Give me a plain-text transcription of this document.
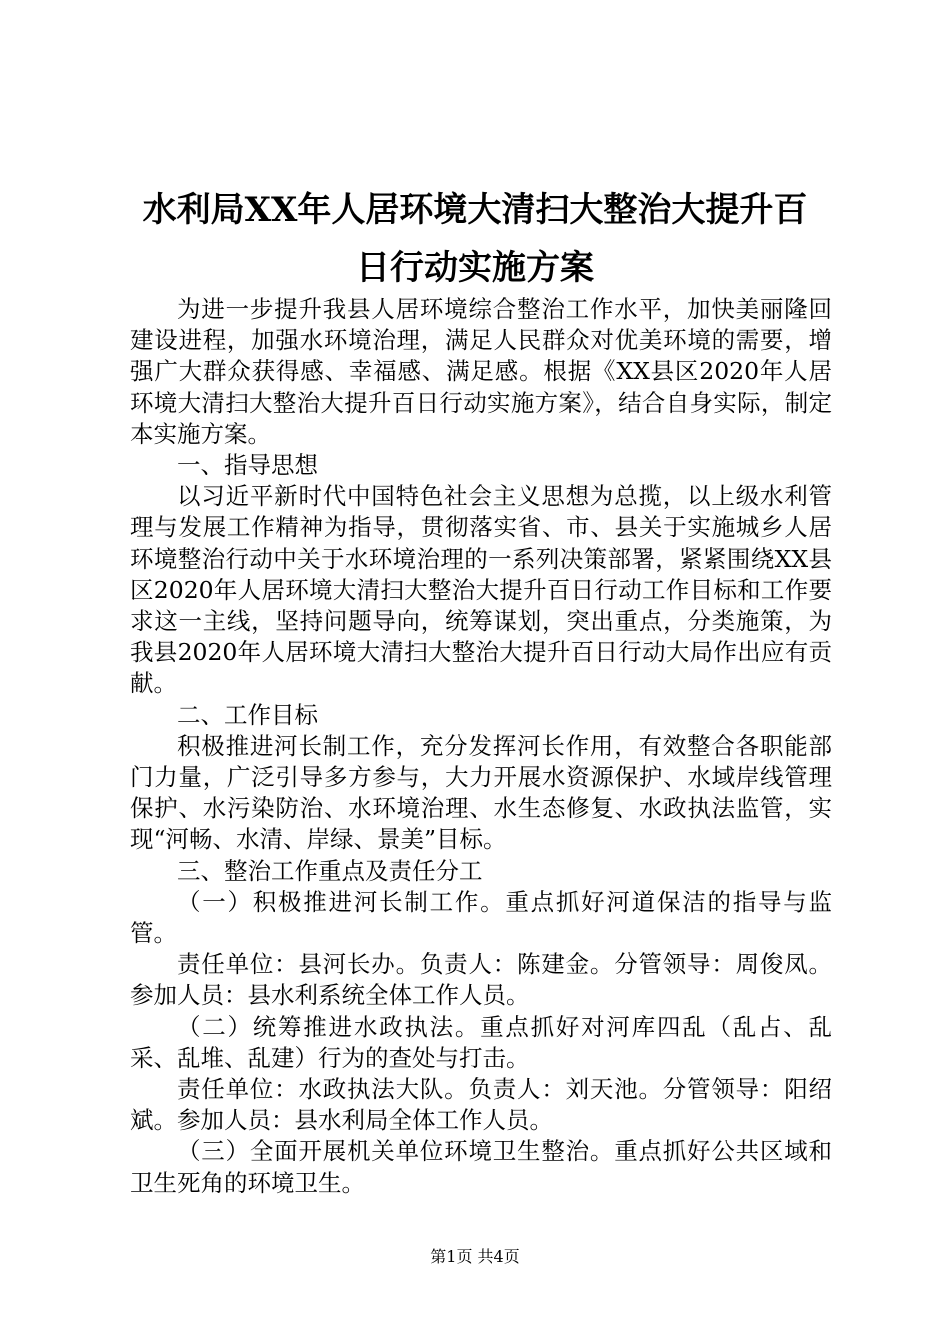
水利局XX年人居环境大清扫大整治大提升百
日行动实施方案

为进一步提升我县人居环境综合整治工作水平，加快美丽隆回建设进程，加强水环境治理，满足人民群众对优美环境的需要，增强广大群众获得感、幸福感、满足感。根据《XX县区2020年人居环境大清扫大整治大提升百日行动实施方案》，结合自身实际，制定本实施方案。

一、指导思想

以习近平新时代中国特色社会主义思想为总揽，以上级水利管理与发展工作精神为指导，贯彻落实省、市、县关于实施城乡人居环境整治行动中关于水环境治理的一系列决策部署，紧紧围绕XX县区2020年人居环境大清扫大整治大提升百日行动工作目标和工作要求这一主线，坚持问题导向，统筹谋划，突出重点，分类施策，为我县2020年人居环境大清扫大整治大提升百日行动大局作出应有贡献。

二、工作目标

积极推进河长制工作，充分发挥河长作用，有效整合各职能部门力量，广泛引导多方参与，大力开展水资源保护、水域岸线管理保护、水污染防治、水环境治理、水生态修复、水政执法监管，实现“河畅、水清、岸绿、景美”目标。

三、整治工作重点及责任分工

（一）积极推进河长制工作。重点抓好河道保洁的指导与监管。

责任单位：县河长办。负责人：陈建金。分管领导：周俊凤。参加人员：县水利系统全体工作人员。

（二）统筹推进水政执法。重点抓好对河库四乱（乱占、乱采、乱堆、乱建）行为的查处与打击。

责任单位：水政执法大队。负责人：刘天池。分管领导：阳绍斌。参加人员：县水利局全体工作人员。

（三）全面开展机关单位环境卫生整治。重点抓好公共区域和卫生死角的环境卫生。

第1页 共4页
